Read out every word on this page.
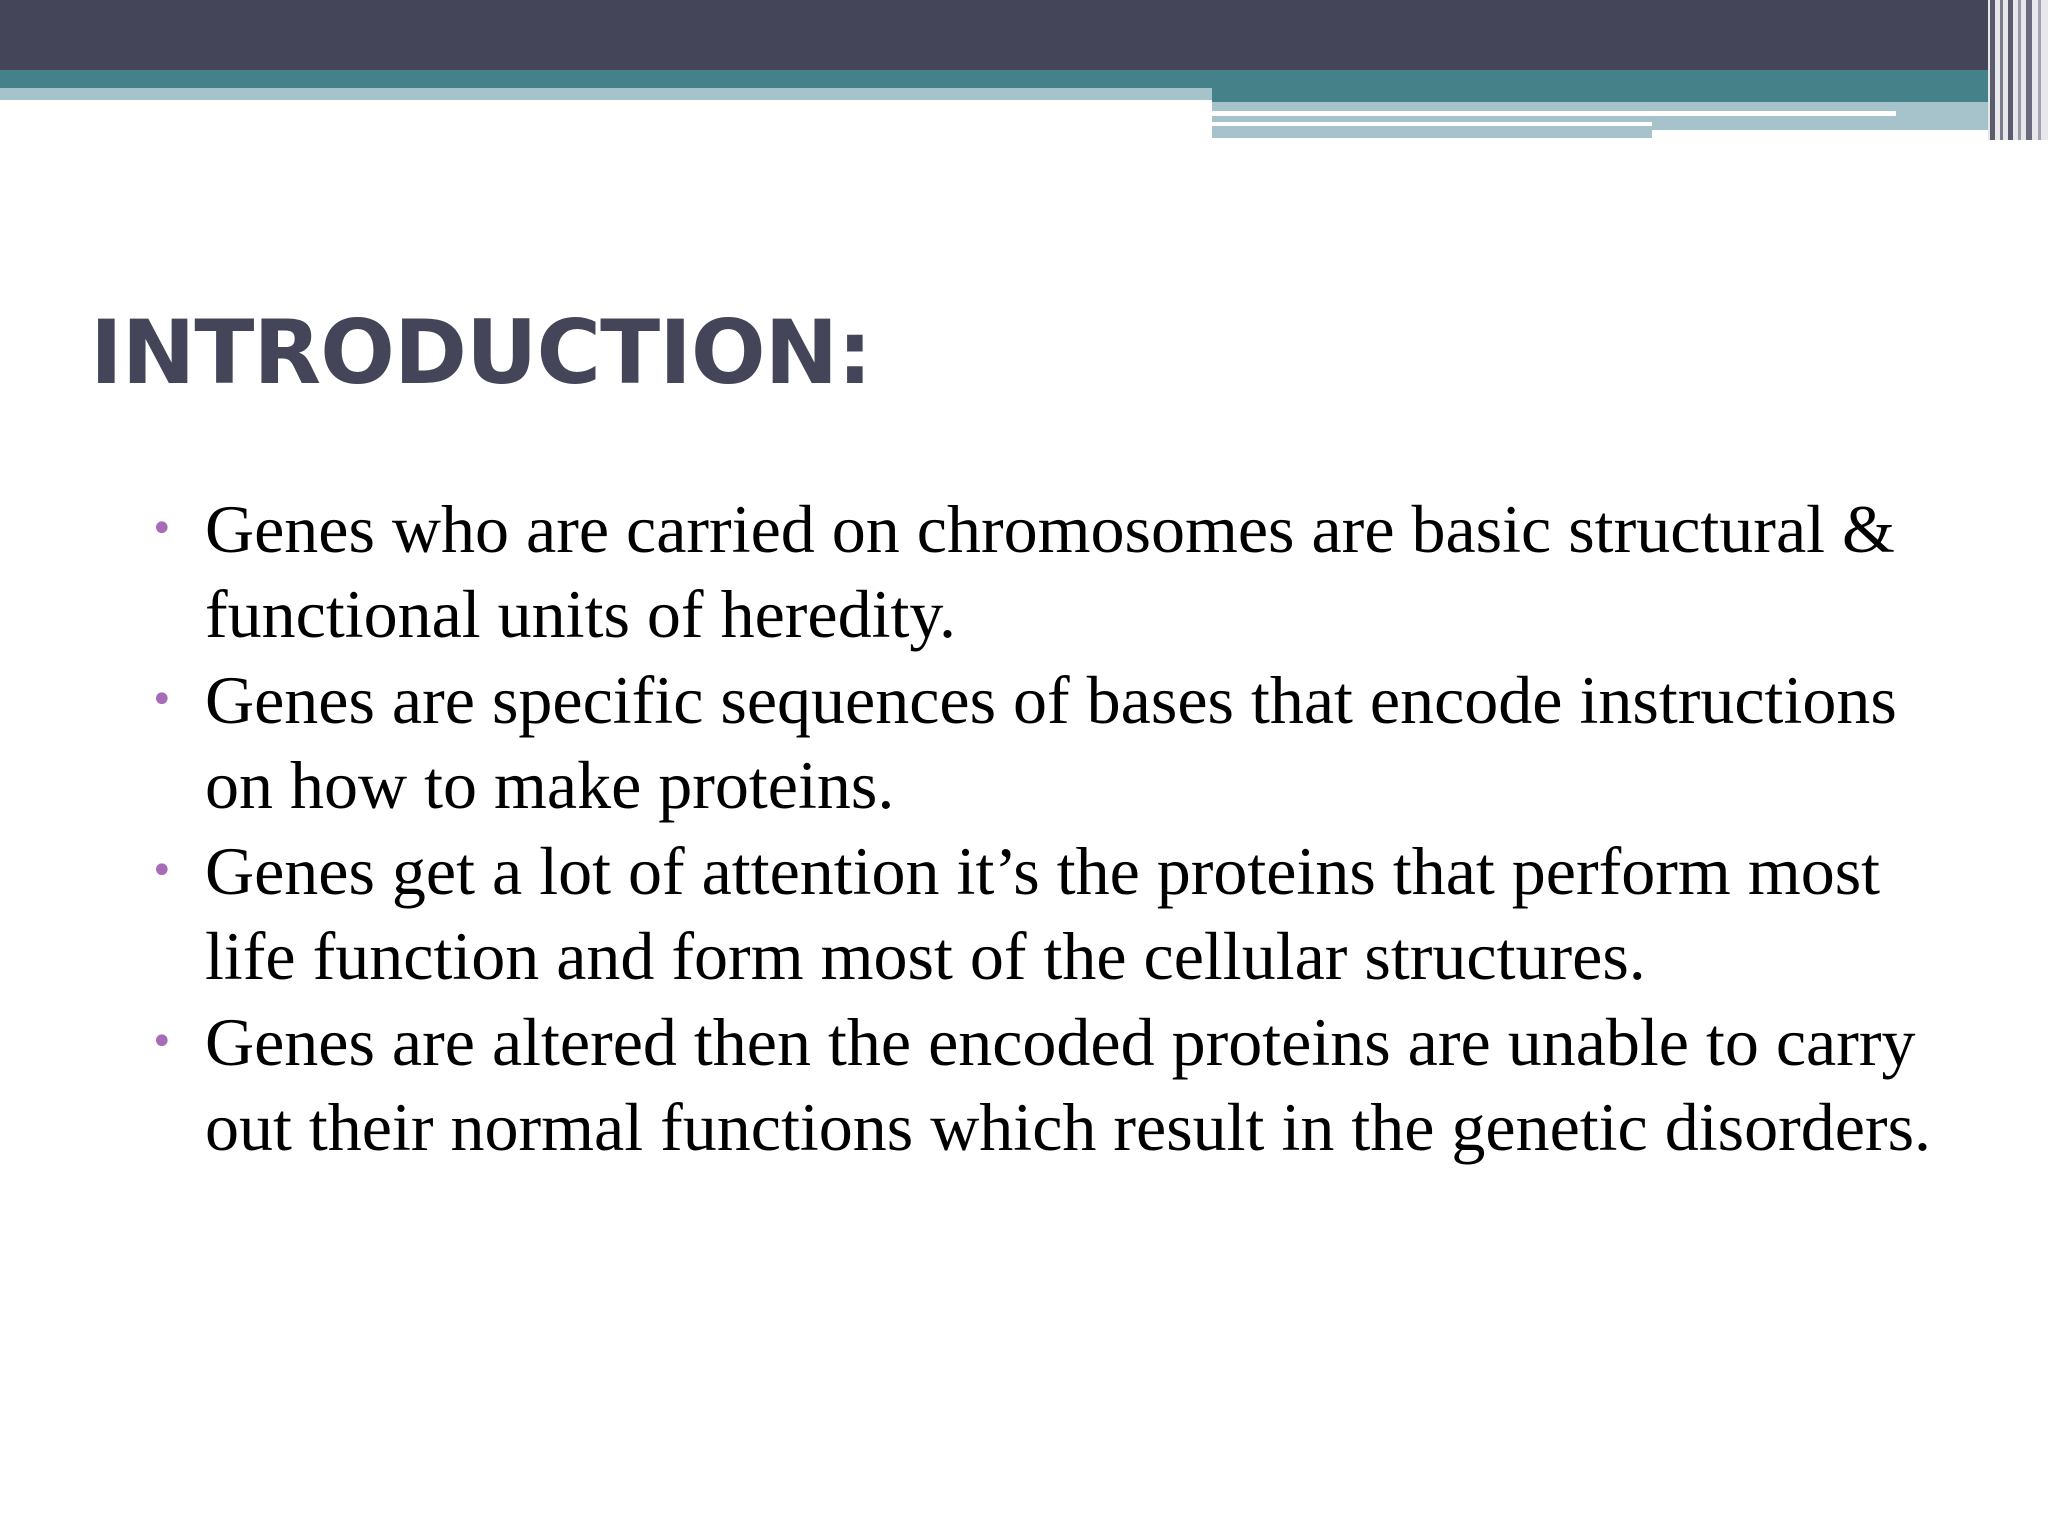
INTRODUCTION:
• Genes who are carried on chromosomes are basic structural & functional units of heredity.
• Genes are specific sequences of bases that encode instructions on how to make proteins.
• Genes get a lot of attention it’s the proteins that perform most life function and form most of the cellular structures.
• Genes are altered then the encoded proteins are unable to carry out their normal functions which result in the genetic disorders.
